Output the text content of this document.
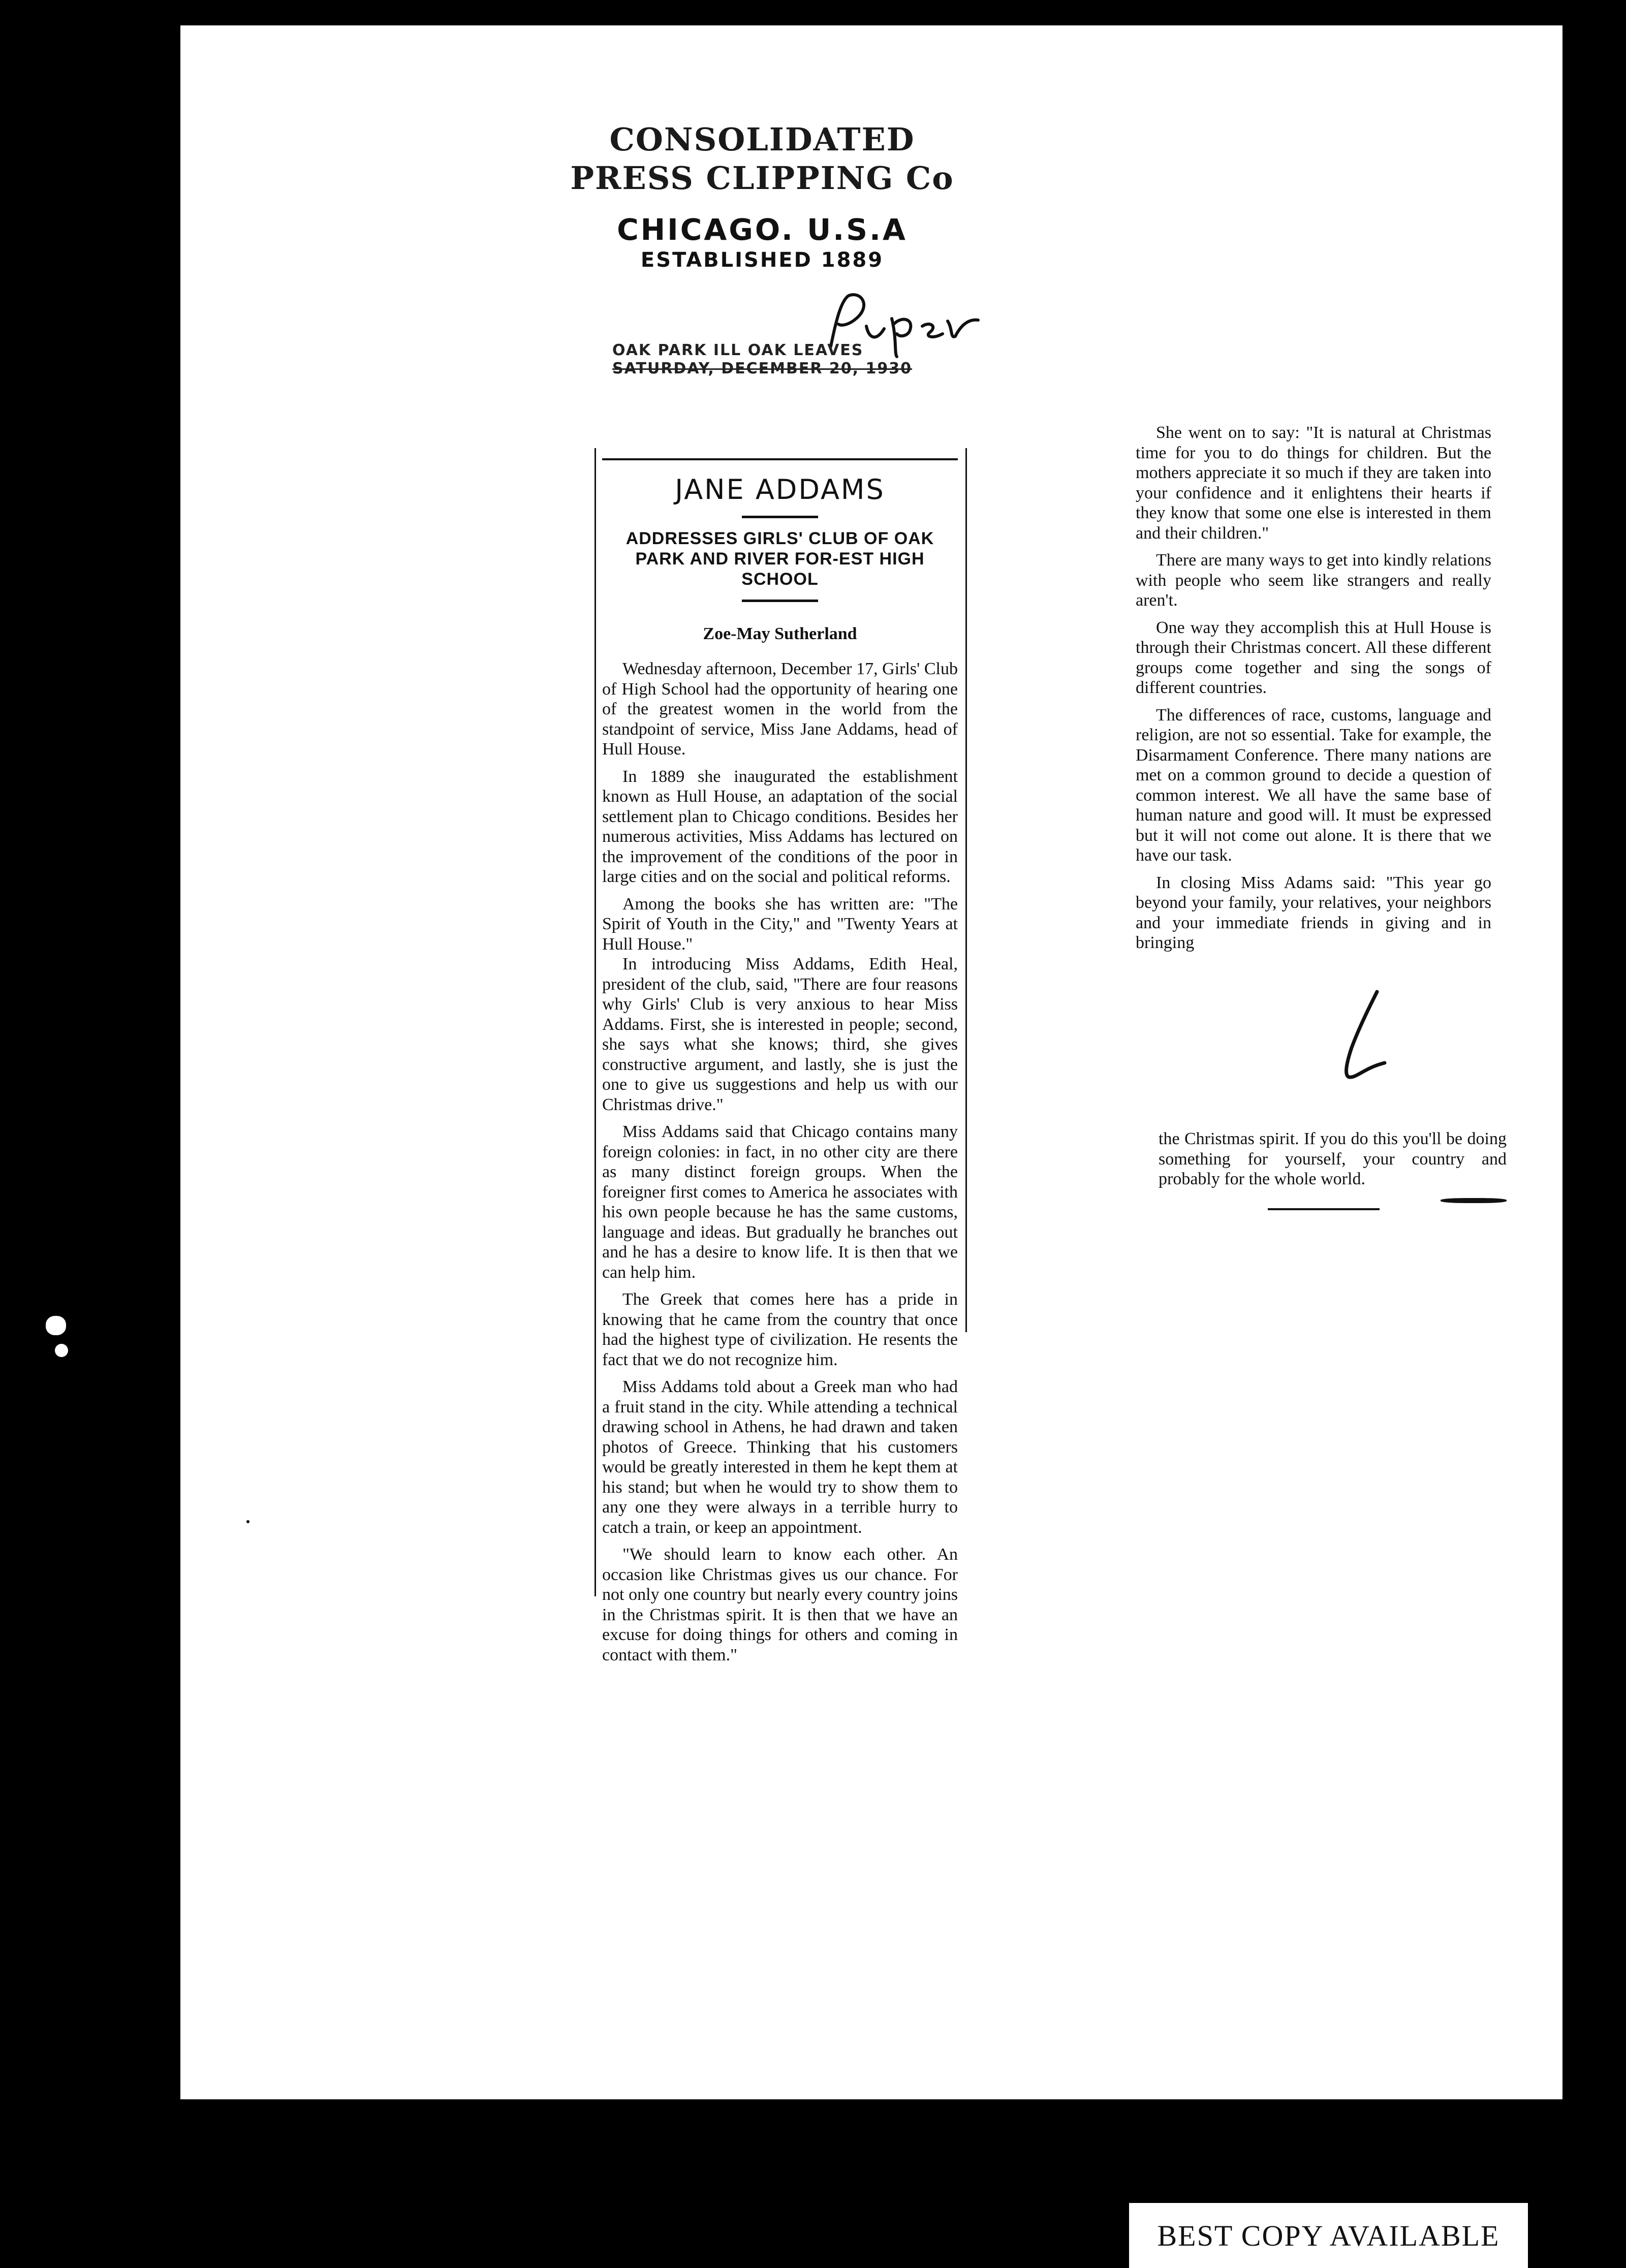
CONSOLIDATED
PRESS CLIPPING Co
CHICAGO. U.S.A
ESTABLISHED 1889
OAK PARK ILL OAK LEAVES
SATURDAY, DECEMBER 20, 1930
JANE ADDAMS
ADDRESSES GIRLS' CLUB OF OAK PARK AND RIVER FOR-EST HIGH SCHOOL
Zoe-May Sutherland

Wednesday afternoon, December 17, Girls' Club of High School had the opportunity of hearing one of the greatest women in the world from the standpoint of service, Miss Jane Addams, head of Hull House.

In 1889 she inaugurated the establishment known as Hull House, an adaptation of the social settlement plan to Chicago conditions. Besides her numerous activities, Miss Addams has lectured on the improvement of the conditions of the poor in large cities and on the social and political reforms.

Among the books she has written are: "The Spirit of Youth in the City," and "Twenty Years at Hull House."

In introducing Miss Addams, Edith Heal, president of the club, said, "There are four reasons why Girls' Club is very anxious to hear Miss Addams. First, she is interested in people; second, she says what she knows; third, she gives constructive argument, and lastly, she is just the one to give us suggestions and help us with our Christmas drive."

Miss Addams said that Chicago contains many foreign colonies: in fact, in no other city are there as many distinct foreign groups. When the foreigner first comes to America he associates with his own people because he has the same customs, language and ideas. But gradually he branches out and he has a desire to know life. It is then that we can help him.

The Greek that comes here has a pride in knowing that he came from the country that once had the highest type of civilization. He resents the fact that we do not recognize him.

Miss Addams told about a Greek man who had a fruit stand in the city. While attending a technical drawing school in Athens, he had drawn and taken photos of Greece. Thinking that his customers would be greatly interested in them he kept them at his stand; but when he would try to show them to any one they were always in a terrible hurry to catch a train, or keep an appointment.

"We should learn to know each other. An occasion like Christmas gives us our chance. For not only one country but nearly every country joins in the Christmas spirit. It is then that we have an excuse for doing things for others and coming in contact with them."

She went on to say: "It is natural at Christmas time for you to do things for children. But the mothers appreciate it so much if they are taken into your confidence and it enlightens their hearts if they know that some one else is interested in them and their children."

There are many ways to get into kindly relations with people who seem like strangers and really aren't.

One way they accomplish this at Hull House is through their Christmas concert. All these different groups come together and sing the songs of different countries.

The differences of race, customs, language and religion, are not so essential. Take for example, the Disarmament Conference. There many nations are met on a common ground to decide a question of common interest. We all have the same base of human nature and good will. It must be expressed but it will not come out alone. It is there that we have our task.

In closing Miss Adams said: "This year go beyond your family, your relatives, your neighbors and your immediate friends in giving and in bringing

the Christmas spirit. If you do this you'll be doing something for yourself, your country and probably for the whole world.

BEST COPY AVAILABLE
